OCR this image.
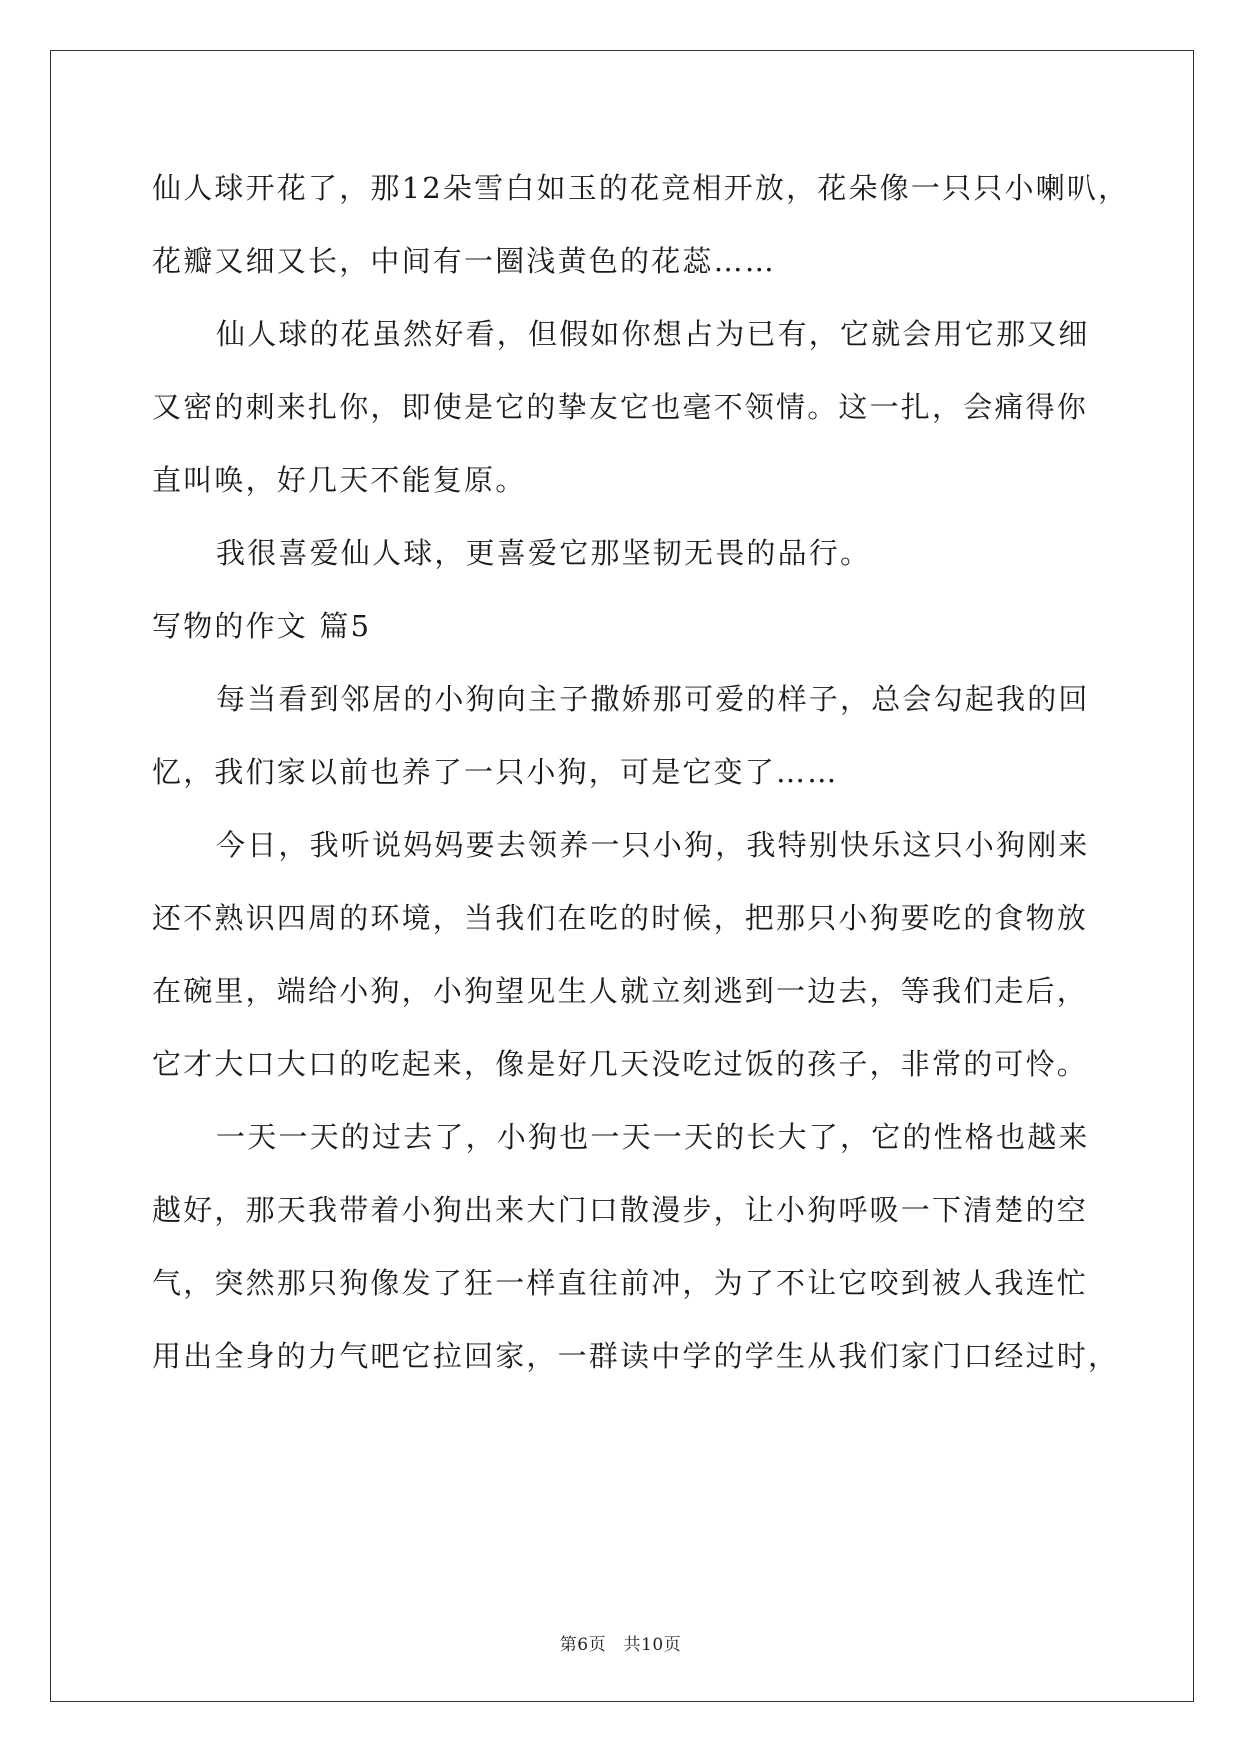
仙人球开花了，那12朵雪白如玉的花竞相开放，花朵像一只只小喇叭，
花瓣又细又长，中间有一圈浅黄色的花蕊……
仙人球的花虽然好看，但假如你想占为已有，它就会用它那又细
又密的刺来扎你，即使是它的挚友它也毫不领情。这一扎，会痛得你
直叫唤，好几天不能复原。
我很喜爱仙人球，更喜爱它那坚韧无畏的品行。
写物的作文 篇5
每当看到邻居的小狗向主子撒娇那可爱的样子，总会勾起我的回
忆，我们家以前也养了一只小狗，可是它变了……
今日，我听说妈妈要去领养一只小狗，我特别快乐这只小狗刚来
还不熟识四周的环境，当我们在吃的时候，把那只小狗要吃的食物放
在碗里，端给小狗，小狗望见生人就立刻逃到一边去，等我们走后，
它才大口大口的吃起来，像是好几天没吃过饭的孩子，非常的可怜。
一天一天的过去了，小狗也一天一天的长大了，它的性格也越来
越好，那天我带着小狗出来大门口散漫步，让小狗呼吸一下清楚的空
气，突然那只狗像发了狂一样直往前冲，为了不让它咬到被人我连忙
用出全身的力气吧它拉回家，一群读中学的学生从我们家门口经过时，
第6页　共10页
